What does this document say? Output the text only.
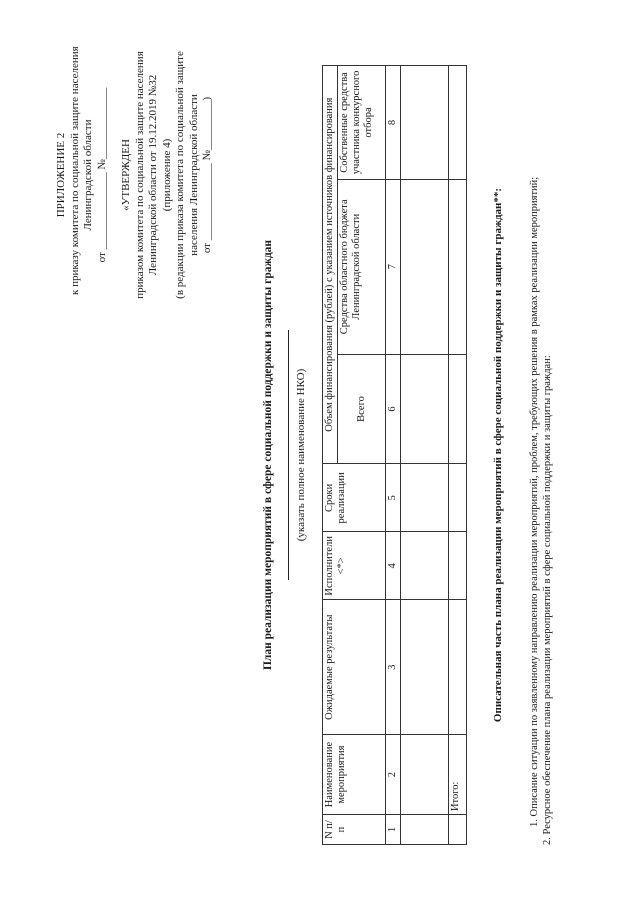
ПРИЛОЖЕНИЕ 2 к приказу комитета по социальной защите населения Ленинградской области
от ______________ №_____________
«УТВЕРЖДЕН приказом комитета по социальной защите населения Ленинградской области от 19.12.2019 №32 (приложение 4) (в редакции приказа комитета по социальной защите населения Ленинградской области от ______________ №_________)
План реализации мероприятий в сфере социальной поддержки и защиты граждан (указать полное наименование НКО)
N п/п	Наименование мероприятия	Ожидаемые результаты	Исполнители <*>	Сроки реализации	Объем финансирования (рублей) с указанием источников финансирования		
					Всего	Средства областного бюджета Ленинградской области	Собственные средства участника конкурсного отбора
1	2	3	4	5	6	7	8

	Итого:						
Описательная часть плана реализации мероприятий в сфере социальной поддержки и защиты граждан**: 1. Описание ситуации по заявленному направлению реализации мероприятий, проблем, требующих решения в рамках реализации мероприятий; 2. Ресурсное обеспечение плана реализации мероприятий в сфере социальной поддержки и защиты граждан:
